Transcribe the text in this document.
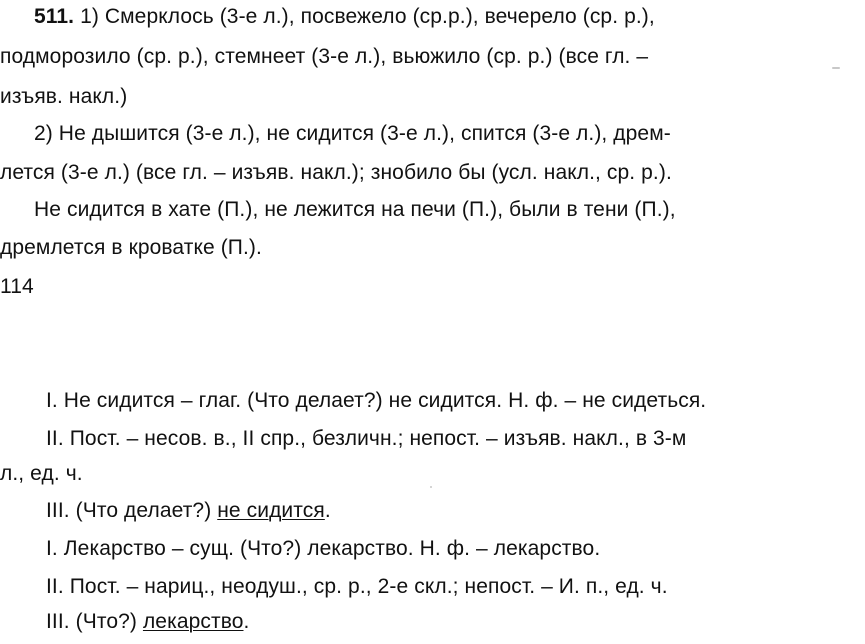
511. 1) Смерклось (3-е л.), посвежело (ср.р.), вечерело (ср. р.),
подморозило (ср. р.), стемнеет (3-е л.), вьюжило (ср. р.) (все гл. –
изъяв. накл.)
2) Не дышится (3-е л.), не сидится (3-е л.), спится (3-е л.), дрем-
лется (3-е л.) (все гл. – изъяв. накл.); знобило бы (усл. накл., ср. р.).
Не сидится в хате (П.), не лежится на печи (П.), были в тени (П.),
дремлется в кроватке (П.).
114
I. Не сидится – глаг. (Что делает?) не сидится. Н. ф. – не сидеться.
II. Пост. – несов. в., II спр., безличн.; непост. – изъяв. накл., в 3-м
л., ед. ч.
III. (Что делает?) не сидится.
I. Лекарство – сущ. (Что?) лекарство. Н. ф. – лекарство.
II. Пост. – нариц., неодуш., ср. р., 2-е скл.; непост. – И. п., ед. ч.
III. (Что?) лекарство.
